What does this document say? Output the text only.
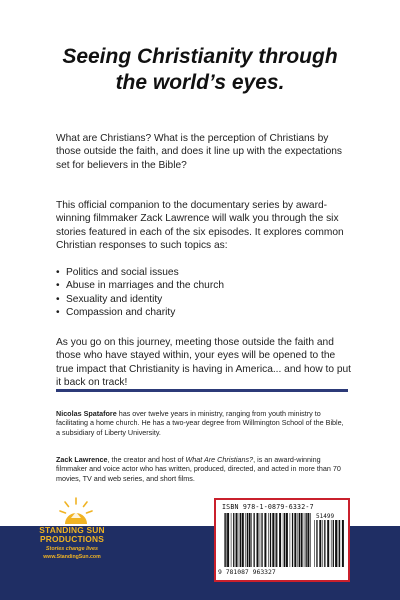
Seeing Christianity through
the world’s eyes.
What are Christians? What is the perception of Christians by those outside the faith, and does it line up with the expectations set for believers in the Bible?
This official companion to the documentary series by award-winning filmmaker Zack Lawrence will walk you through the six stories featured in each of the six episodes. It explores common Christian responses to such topics as:
• Politics and social issues
• Abuse in marriages and the church
• Sexuality and identity
• Compassion and charity
As you go on this journey, meeting those outside the faith and those who have stayed within, your eyes will be opened to the true impact that Christianity is having in America... and how to put it back on track!
Nicolas Spatafore has over twelve years in ministry, ranging from youth ministry to facilitating a home church. He has a two-year degree from Willmington School of the Bible, a subsidiary of Liberty University.
Zack Lawrence, the creator and host of What Are Christians?, is an award-winning filmmaker and voice actor who has written, produced, directed, and acted in more than 70 movies, TV and web series, and short films.
STANDING SUN
PRODUCTIONS
Stories change lives
www.StandingSun.com
ISBN 978-1-0879-6332-7
51499
9 781087 963327
